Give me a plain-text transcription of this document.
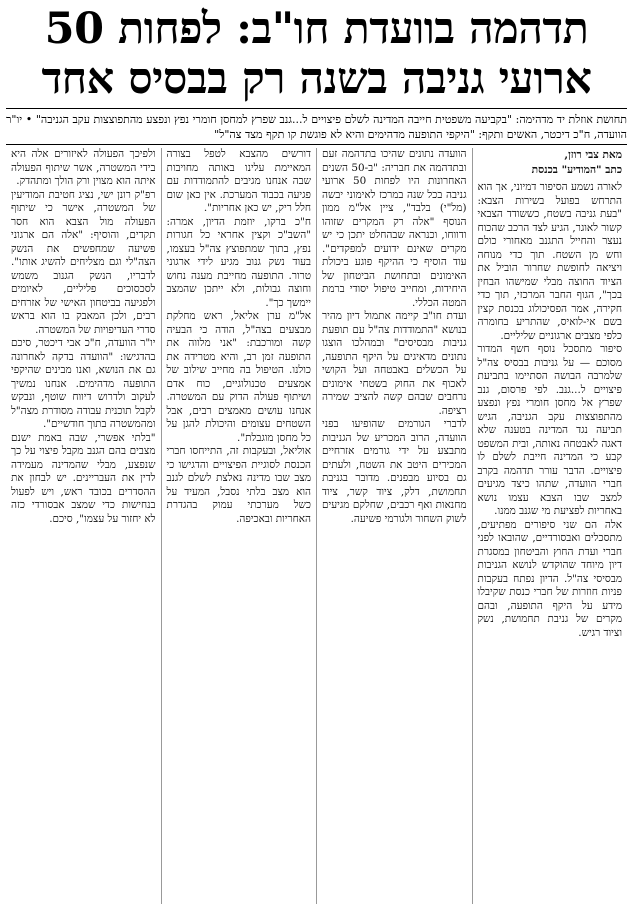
תדהמה בוועדת חו"ב: לפחות 50
ארועי גניבה בשנה רק בבסיס אחד
תחושת אוזלת יד מדהימה: "בקביעה משפטית חייבה המדינה לשלם פיצויים ל...גנב שפרץ למחסן חומרי נפץ ונפצע מהתפוצצות עקב הגניבה" • יו"ר הוועדה, ח"כ דיכטר, האשים ותקף: "היקפי התופעה מדהימים והיא לא פוגשת קו תקף מצד צה"ל"
מאת צבי רוזן,
כתב "המודיע" בכנסת

לאורה נשמע הסיפור דמיוני, אך הוא התרחש בפועל בשירות הצבא: "בעת גניבה בשטח, כששודד הצבאי קשור לאוגר, הגיע לצד הרכב שהכוח נעצר והחייל התגנב מאחורי כולם וחש מן השטח. תוך כדי מנוחה ויציאה לחופשת שחרור הוביל את הציוד החוצה מבלי שמישהו הבחין בכך", הגוף החבר המרכזי, תוך כדי חקירה, אמר הפסיכולוג בכנסת קצין בשם אי-לואיס, שהתריע בחומרה כלפי מצבים ארגוניים שליליים.
סיפור מתסכל נוסף חשף המדור מסוכם — על גניבות בבסיס צה"ל שלמרבה הבושה הסתיימו בתביעת פיצויים ל...גנב. לפי פרסום, גנב שפרץ אל מחסן חומרי נפץ ונפצע מהתפוצצות עקב הגניבה, הגיש תביעה נגד המדינה בטענה שלא דאגה לאבטחה נאותה, ובית המשפט קבע כי המדינה חייבת לשלם לו פיצויים. הדבר עורר תדהמה בקרב חברי הוועדה, שתהו כיצד מגיעים למצב שבו הצבא עצמו נושא באחריות לפציעת מי שגנב ממנו.
אלה הם שני סיפורים מפתיעים, מתסכלים ואבסורדיים, שהובאו לפני חברי ועדת החוץ והביטחון במסגרת דיון מיוחד שהוקדש לנושא הגניבות מבסיסי צה"ל. הדיון נפתח בעקבות פניות חוזרות של חברי כנסת שקיבלו מידע על היקף התופעה, ובהם מקרים של גניבת תחמושת, נשק וציוד רגיש.

הוועדה נתונים שהיכו בתדהמה זעם ובתדהמה את חבריה: "ב-50 השנים האחרונות היו לפחות 50 ארועי גניבה בכל שנה במרכז לאימוני יבשה (מל"י) בלבד", ציין אל"מ ממון הנוסף "אלה רק המקרים שזוהו ודווחו, וכנראה שבהחלט יתכן כי יש מקרים שאינם ידועים למפקדים". עוד הוסיף כי ההיקף פוגע ביכולת האימונים ובתחושת הביטחון של היחידות, ומחייב טיפול יסודי ברמת המטה הכללי.
ועדת חו"ב קיימה אתמול דיון מהיר בנושא "התמודדות צה"ל עם תופעת גניבות מבסיסים" ובמהלכו הוצגו נתונים מדאיגים על היקף התופעה, על הכשלים באבטחה ועל הקושי לאכוף את החוק בשטחי אימונים נרחבים שבהם קשה להציב שמירה רציפה.
לדברי הגורמים שהופיעו בפני הוועדה, הרוב המכריע של הגניבות מתבצע על ידי גורמים אזרחיים המכירים היטב את השטח, ולעתים גם בסיוע מבפנים. מדובר בגניבת תחמושת, דלק, ציוד קשר, ציוד מחנאות ואף רכבים, שחלקם מגיעים לשוק השחור ולגורמי פשיעה.

דורשים מהצבא לטפל בצורה המאיימת עלינו באותה מחויבות שבה אנחנו מגיבים להתמודדות עם פגיעה בכבוד המערכת. אין כאן שום חלל ריק, יש כאן אחריות".
ח"כ ברקו, יוזמת הדיון, אמרה: "השב"כ וקצין אחראי כל חגורות נפץ, בתוך שמתפוצץ צה"ל בעצמו, בעוד נשק גנוב מגיע לידי ארגוני טרור. התופעה מחייבת מענה נחוש וחוצה גבולות, ולא ייתכן שהמצב יימשך כך".
אל"מ ערן אליאל, ראש מחלקת מבצעים בצה"ל, הודה כי הבעיה קשה ומורכבת: "אני מלווה את התופעה זמן רב, והיא מטרידה את כולנו. הטיפול בה מחייב שילוב של אמצעים טכנולוגיים, כוח אדם ושיתוף פעולה הדוק עם המשטרה. אנחנו עושים מאמצים רבים, אבל השטחים עצומים והיכולת להגן על כל מחסן מוגבלת".
אוליאל, ובעקבות זה, התייחסו חברי הכנסת לסוגיית הפיצויים והדגישו כי מצב שבו מדינה נאלצת לשלם לגנב הוא מצב בלתי נסבל, המעיד על כשל מערכתי עמוק בהגדרת האחריות ובאכיפה.

ולפיכך הפעולה לאיזורים אלה היא בידי המשטרה, אשר שיתוף הפעולה איתה הוא מצוין ורק הולך ומתהדק.
רפ"ק רונן ישי, נציג חטיבת המודיעין של המשטרה, אישר כי שיתוף הפעולה מול הצבא הוא חסר תקדים, והוסיף: "אלה הם ארגוני פשיעה שמחפשים את הנשק הצה"לי וגם מצליחים להשיג אותו". לדבריו, הנשק הגנוב משמש לסכסוכים פליליים, לאיומים ולפגיעה בביטחון האישי של אזרחים רבים, ולכן המאבק בו הוא בראש סדרי העדיפויות של המשטרה.
יו"ר הוועדה, ח"כ אבי דיכטר, סיכם בהדגישו: "הוועדה בדקה לאחרונה גם את הנושא, ואנו מבינים שהיקפי התופעה מדהימים. אנחנו נמשיך לעקוב ולדרוש דיווח שוטף, ונבקש לקבל תוכנית עבודה מסודרת מצה"ל ומהמשטרה בתוך חודשיים".
"בלתי אפשרי, שבה באמת ישנם מצבים בהם הגנב מקבל פיצוי על כך שנפצע, מבלי שהמדינה מעמידה לדין את העבריינים. יש לבחון את ההסדרים בכובד ראש, ויש לפעול בנחישות כדי שמצב אבסורדי כזה לא יחזור על עצמו", סיכם.
